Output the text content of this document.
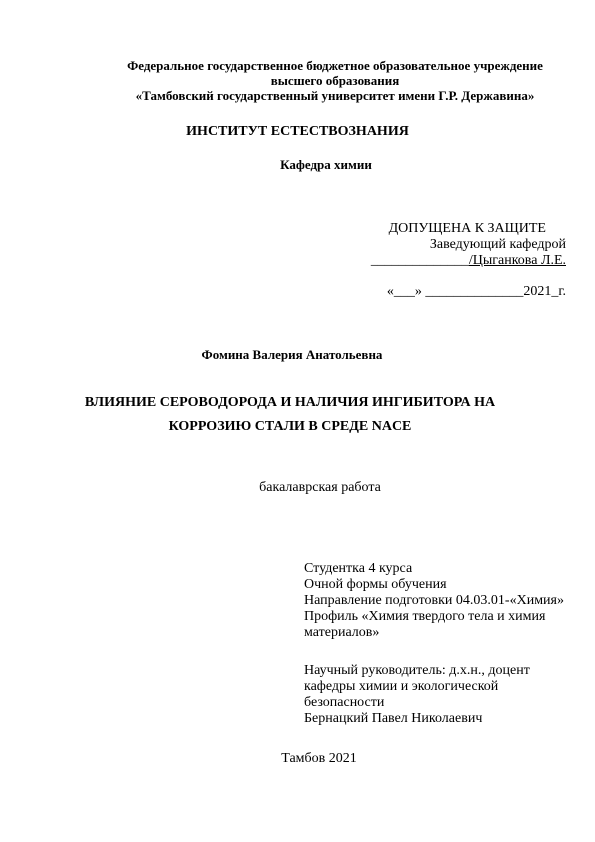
Федеральное государственное бюджетное образовательное учреждение
высшего образования
«Тамбовский государственный университет имени Г.Р. Державина»
ИНСТИТУТ ЕСТЕСТВОЗНАНИЯ
Кафедра химии
ДОПУЩЕНА К ЗАЩИТЕ
Заведующий кафедрой
______________/Цыганкова Л.Е.
«___» ______________2021_г.
Фомина Валерия Анатольевна
ВЛИЯНИЕ СЕРОВОДОРОДА И НАЛИЧИЯ ИНГИБИТОРА НА
КОРРОЗИЮ СТАЛИ В СРЕДЕ NACE
бакалаврская работа
Студентка 4 курса
Очной формы обучения
Направление подготовки 04.03.01-«Химия»
Профиль «Химия твердого тела и химия
материалов»
Научный руководитель: д.х.н., доцент
кафедры химии и экологической
безопасности
Бернацкий Павел Николаевич
Тамбов 2021
